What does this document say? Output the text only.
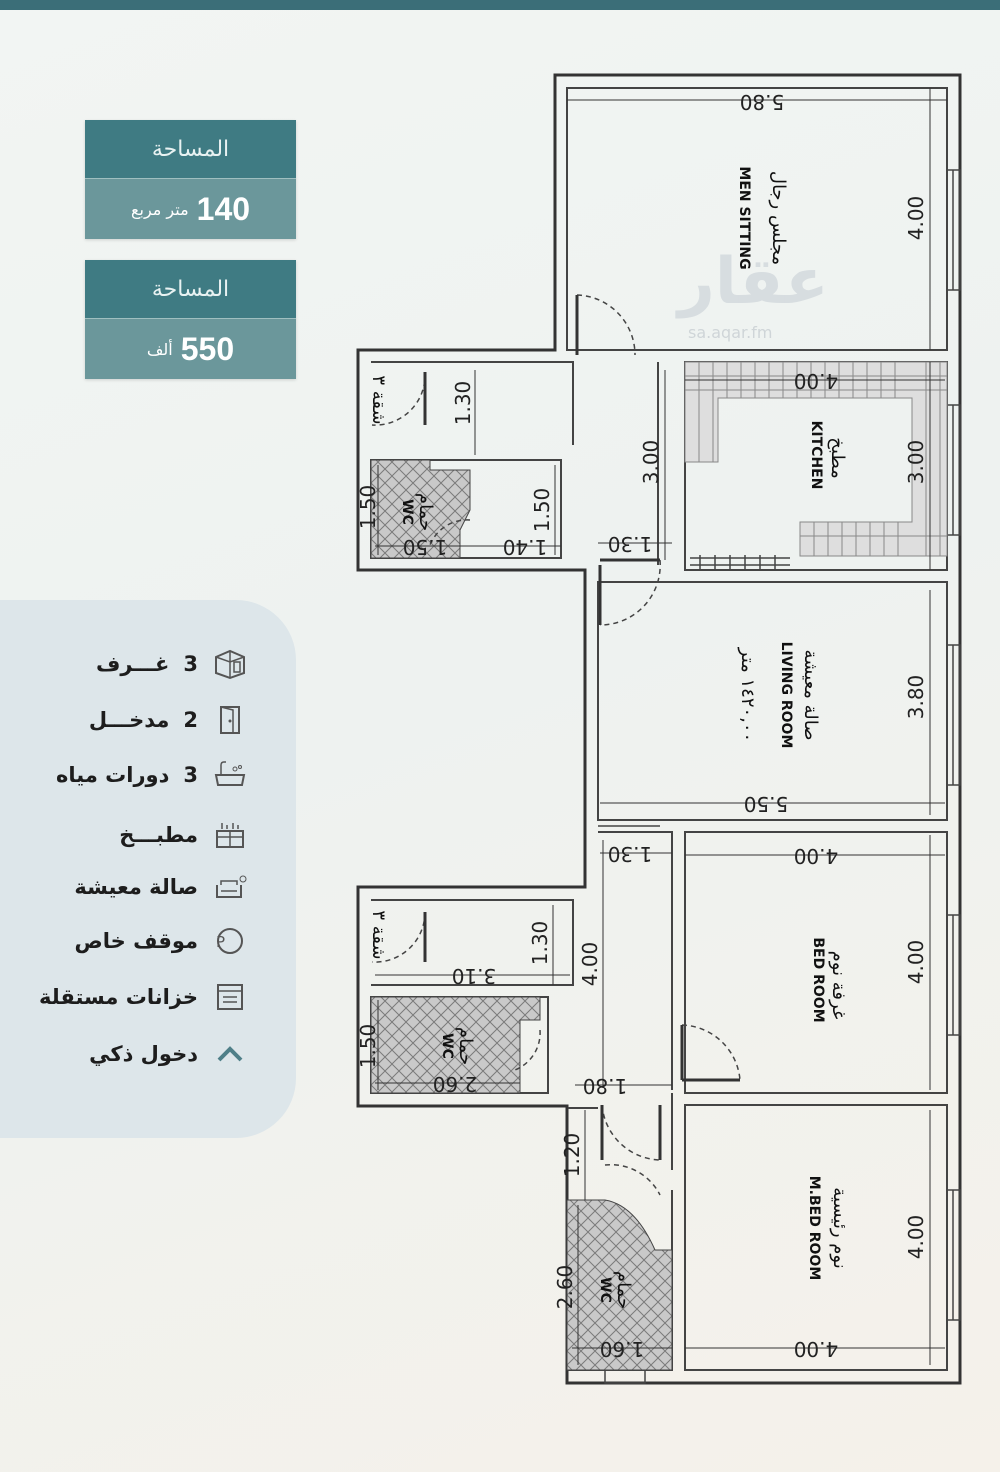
المساحة
140
متر مربع
المساحة
550
ألف
3
غـــرف
2
مدخـــل
3
دورات مياه
مطبـــخ
صالة معيشة
P
موقف خاص
خزانات مستقلة
دخول ذكي
5.80
4.00
4.00
3.00
3.00
1.30
1.50
1.50
1.50	1.40	1.30
3.80
5.50
1.30	4.00
4.00
4.00
1.30
3.10
1.50
2.60	1.80
1.20
2.60
1.60	4.00
4.00
مجلس رجال
MEN SITTING
مطبخ
KITCHEN
صالة معيشة
LIVING ROOM
١٤٢٠,٠٠ متر
غرفة نوم
BED ROOM
نوم رئيسية
M.BED ROOM
حمام
WC
حمام
WC
حمام
WC
شقة ٣
شقة ٣
عقار
sa.aqar.fm
